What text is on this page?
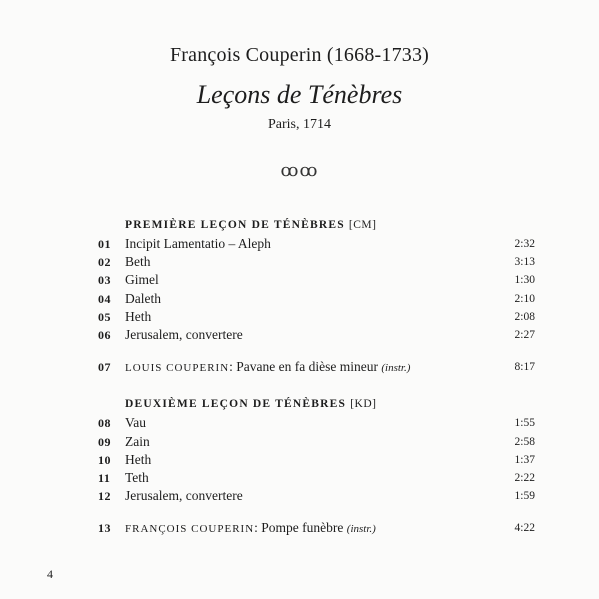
François Couperin (1668-1733)
Leçons de Ténèbres
Paris, 1714
ꝏꝏ
PREMIÈRE LEÇON DE TÉNÈBRES [CM]
01	Incipit Lamentatio – Aleph	2:32
02	Beth	3:13
03	Gimel	1:30
04	Daleth	2:10
05	Heth	2:08
06	Jerusalem, convertere	2:27
07	LOUIS COUPERIN: Pavane en fa dièse mineur (instr.)	8:17
DEUXIÈME LEÇON DE TÉNÈBRES [KD]
08	Vau	1:55
09	Zain	2:58
10	Heth	1:37
11	Teth	2:22
12	Jerusalem, convertere	1:59
13	FRANÇOIS COUPERIN: Pompe funèbre (instr.)	4:22
4
